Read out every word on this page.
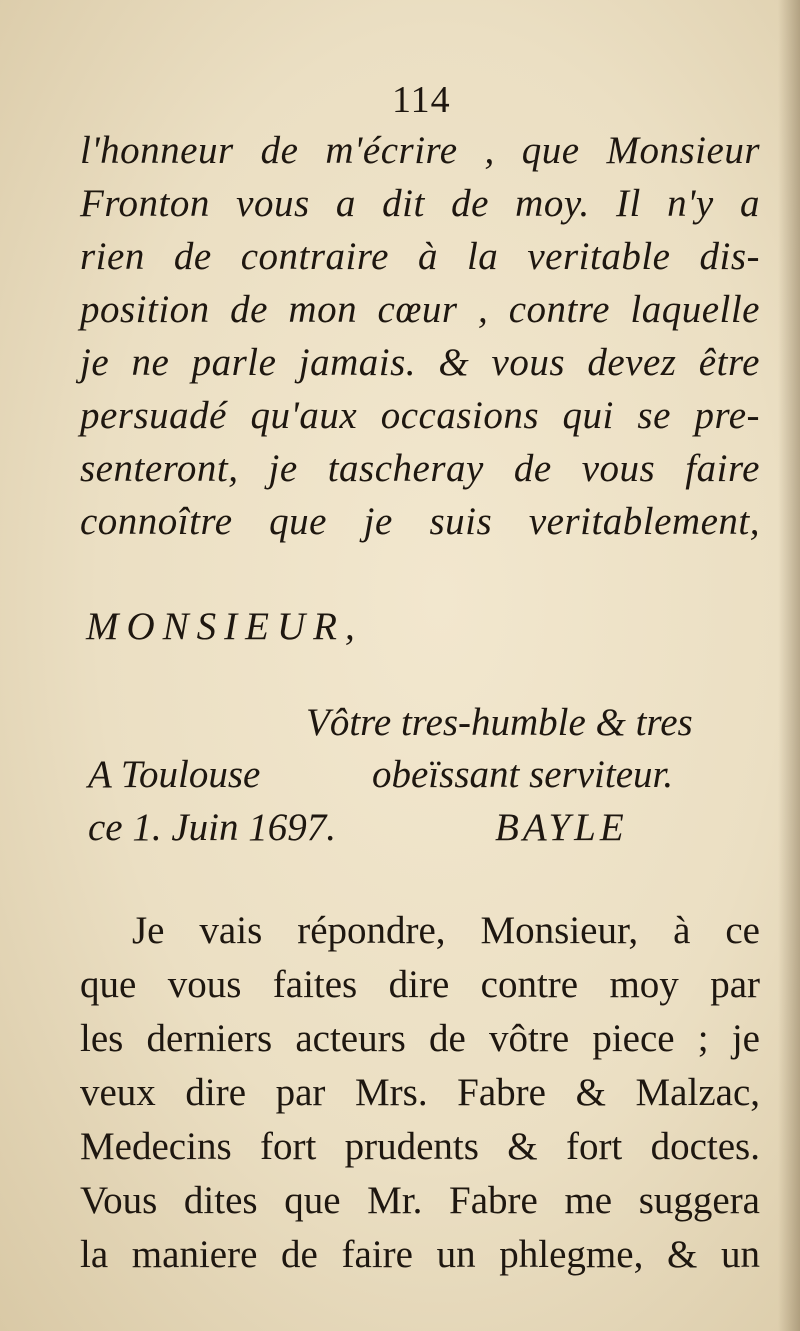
114
l'honneur de m'écrire , que Monsieur
Fronton vous a dit de moy. Il n'y a
rien de contraire à la veritable dis-
position de mon cœur , contre laquelle
je ne parle jamais. & vous devez être
persuadé qu'aux occasions qui se pre-
senteront, je tascheray de vous faire
connoître que je suis veritablement,
MONSIEUR,
Vôtre tres-humble & tres
A Toulouse	obeïssant serviteur.
ce 1. Juin 1697.	BAYLE
Je vais répondre, Monsieur, à ce
que vous faites dire contre moy par
les derniers acteurs de vôtre piece ; je
veux dire par Mrs. Fabre & Malzac,
Medecins fort prudents & fort doctes.
Vous dites que Mr. Fabre me suggera
la maniere de faire un phlegme, & un
